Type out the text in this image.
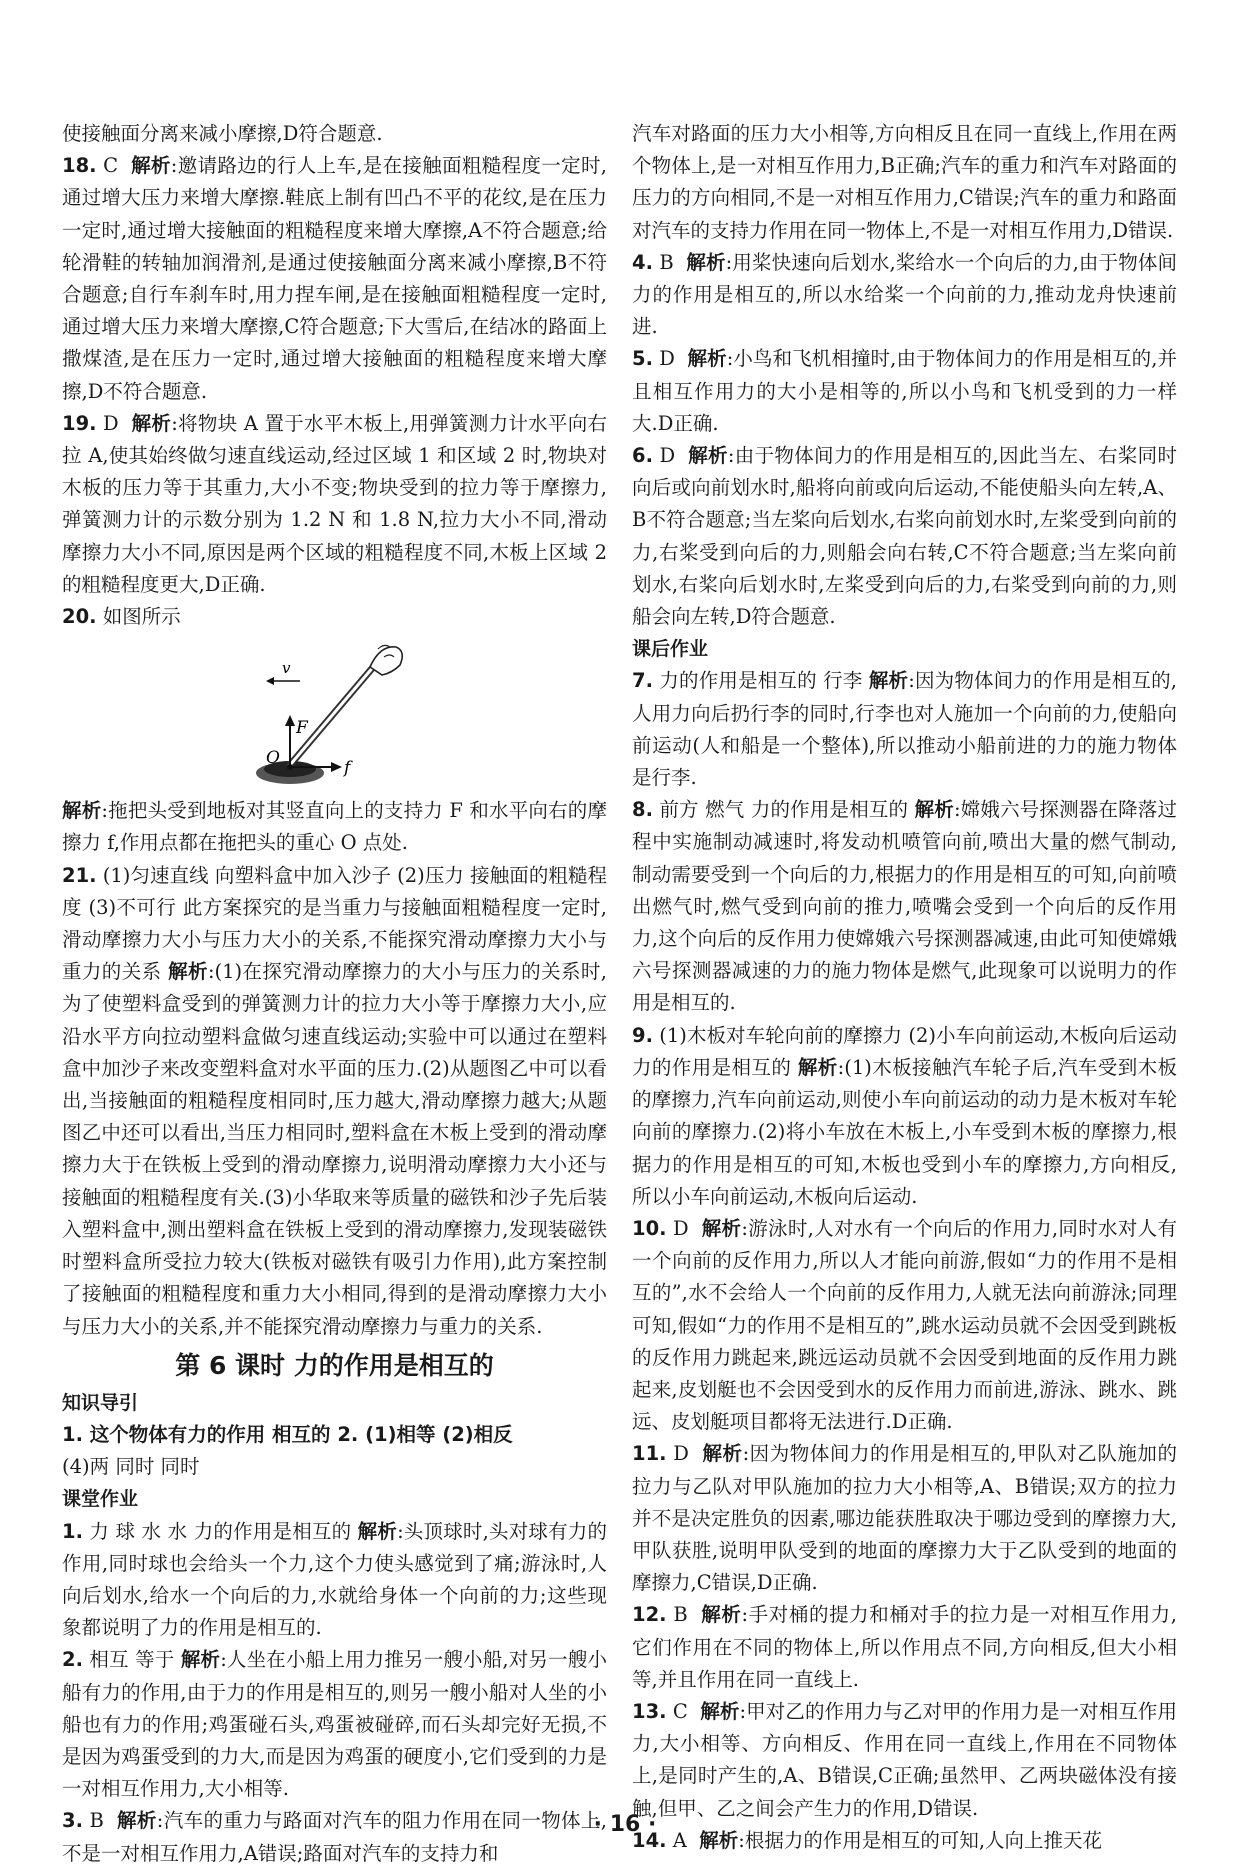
使接触面分离来减小摩擦,D符合题意.

18. C  解析:邀请路边的行人上车,是在接触面粗糙程度一定时,通过增大压力来增大摩擦.鞋底上制有凹凸不平的花纹,是在压力一定时,通过增大接触面的粗糙程度来增大摩擦,A不符合题意;给轮滑鞋的转轴加润滑剂,是通过使接触面分离来减小摩擦,B不符合题意;自行车刹车时,用力捏车闸,是在接触面粗糙程度一定时,通过增大压力来增大摩擦,C符合题意;下大雪后,在结冰的路面上撒煤渣,是在压力一定时,通过增大接触面的粗糙程度来增大摩擦,D不符合题意.

19. D  解析:将物块 A 置于水平木板上,用弹簧测力计水平向右拉 A,使其始终做匀速直线运动,经过区域 1 和区域 2 时,物块对木板的压力等于其重力,大小不变;物块受到的拉力等于摩擦力,弹簧测力计的示数分别为 1.2 N 和 1.8 N,拉力大小不同,滑动摩擦力大小不同,原因是两个区域的粗糙程度不同,木板上区域 2 的粗糙程度更大,D正确.

20. 如图所示

v
F
f
O

解析:拖把头受到地板对其竖直向上的支持力 F 和水平向右的摩擦力 f,作用点都在拖把头的重心 O 点处.

21. (1)匀速直线 向塑料盒中加入沙子 (2)压力 接触面的粗糙程度 (3)不可行 此方案探究的是当重力与接触面粗糙程度一定时,滑动摩擦力大小与压力大小的关系,不能探究滑动摩擦力大小与重力的关系 解析:(1)在探究滑动摩擦力的大小与压力的关系时,为了使塑料盒受到的弹簧测力计的拉力大小等于摩擦力大小,应沿水平方向拉动塑料盒做匀速直线运动;实验中可以通过在塑料盒中加沙子来改变塑料盒对水平面的压力.(2)从题图乙中可以看出,当接触面的粗糙程度相同时,压力越大,滑动摩擦力越大;从题图乙中还可以看出,当压力相同时,塑料盒在木板上受到的滑动摩擦力大于在铁板上受到的滑动摩擦力,说明滑动摩擦力大小还与接触面的粗糙程度有关.(3)小华取来等质量的磁铁和沙子先后装入塑料盒中,测出塑料盒在铁板上受到的滑动摩擦力,发现装磁铁时塑料盒所受拉力较大(铁板对磁铁有吸引力作用),此方案控制了接触面的粗糙程度和重力大小相同,得到的是滑动摩擦力大小与压力大小的关系,并不能探究滑动摩擦力与重力的关系.

第 6 课时 力的作用是相互的

知识导引

1. 这个物体有力的作用 相互的 2. (1)相等 (2)相反

(4)两 同时 同时

课堂作业

1. 力 球 水 水 力的作用是相互的 解析:头顶球时,头对球有力的作用,同时球也会给头一个力,这个力使头感觉到了痛;游泳时,人向后划水,给水一个向后的力,水就给身体一个向前的力;这些现象都说明了力的作用是相互的.

2. 相互 等于 解析:人坐在小船上用力推另一艘小船,对另一艘小船有力的作用,由于力的作用是相互的,则另一艘小船对人坐的小船也有力的作用;鸡蛋碰石头,鸡蛋被碰碎,而石头却完好无损,不是因为鸡蛋受到的力大,而是因为鸡蛋的硬度小,它们受到的力是一对相互作用力,大小相等.

3. B  解析:汽车的重力与路面对汽车的阻力作用在同一物体上,不是一对相互作用力,A错误;路面对汽车的支持力和

汽车对路面的压力大小相等,方向相反且在同一直线上,作用在两个物体上,是一对相互作用力,B正确;汽车的重力和汽车对路面的压力的方向相同,不是一对相互作用力,C错误;汽车的重力和路面对汽车的支持力作用在同一物体上,不是一对相互作用力,D错误.

4. B  解析:用桨快速向后划水,桨给水一个向后的力,由于物体间力的作用是相互的,所以水给桨一个向前的力,推动龙舟快速前进.

5. D  解析:小鸟和飞机相撞时,由于物体间力的作用是相互的,并且相互作用力的大小是相等的,所以小鸟和飞机受到的力一样大.D正确.

6. D  解析:由于物体间力的作用是相互的,因此当左、右桨同时向后或向前划水时,船将向前或向后运动,不能使船头向左转,A、B不符合题意;当左桨向后划水,右桨向前划水时,左桨受到向前的力,右桨受到向后的力,则船会向右转,C不符合题意;当左桨向前划水,右桨向后划水时,左桨受到向后的力,右桨受到向前的力,则船会向左转,D符合题意.

课后作业

7. 力的作用是相互的 行李 解析:因为物体间力的作用是相互的,人用力向后扔行李的同时,行李也对人施加一个向前的力,使船向前运动(人和船是一个整体),所以推动小船前进的力的施力物体是行李.

8. 前方 燃气 力的作用是相互的 解析:嫦娥六号探测器在降落过程中实施制动减速时,将发动机喷管向前,喷出大量的燃气制动,制动需要受到一个向后的力,根据力的作用是相互的可知,向前喷出燃气时,燃气受到向前的推力,喷嘴会受到一个向后的反作用力,这个向后的反作用力使嫦娥六号探测器减速,由此可知使嫦娥六号探测器减速的力的施力物体是燃气,此现象可以说明力的作用是相互的.

9. (1)木板对车轮向前的摩擦力 (2)小车向前运动,木板向后运动 力的作用是相互的 解析:(1)木板接触汽车轮子后,汽车受到木板的摩擦力,汽车向前运动,则使小车向前运动的动力是木板对车轮向前的摩擦力.(2)将小车放在木板上,小车受到木板的摩擦力,根据力的作用是相互的可知,木板也受到小车的摩擦力,方向相反,所以小车向前运动,木板向后运动.

10. D  解析:游泳时,人对水有一个向后的作用力,同时水对人有一个向前的反作用力,所以人才能向前游,假如“力的作用不是相互的”,水不会给人一个向前的反作用力,人就无法向前游泳;同理可知,假如“力的作用不是相互的”,跳水运动员就不会因受到跳板的反作用力跳起来,跳远运动员就不会因受到地面的反作用力跳起来,皮划艇也不会因受到水的反作用力而前进,游泳、跳水、跳远、皮划艇项目都将无法进行.D正确.

11. D  解析:因为物体间力的作用是相互的,甲队对乙队施加的拉力与乙队对甲队施加的拉力大小相等,A、B错误;双方的拉力并不是决定胜负的因素,哪边能获胜取决于哪边受到的摩擦力大,甲队获胜,说明甲队受到的地面的摩擦力大于乙队受到的地面的摩擦力,C错误,D正确.

12. B  解析:手对桶的提力和桶对手的拉力是一对相互作用力,它们作用在不同的物体上,所以作用点不同,方向相反,但大小相等,并且作用在同一直线上.

13. C  解析:甲对乙的作用力与乙对甲的作用力是一对相互作用力,大小相等、方向相反、作用在同一直线上,作用在不同物体上,是同时产生的,A、B错误,C正确;虽然甲、乙两块磁体没有接触,但甲、乙之间会产生力的作用,D错误.

14. A  解析:根据力的作用是相互的可知,人向上推天花

· 16 ·
